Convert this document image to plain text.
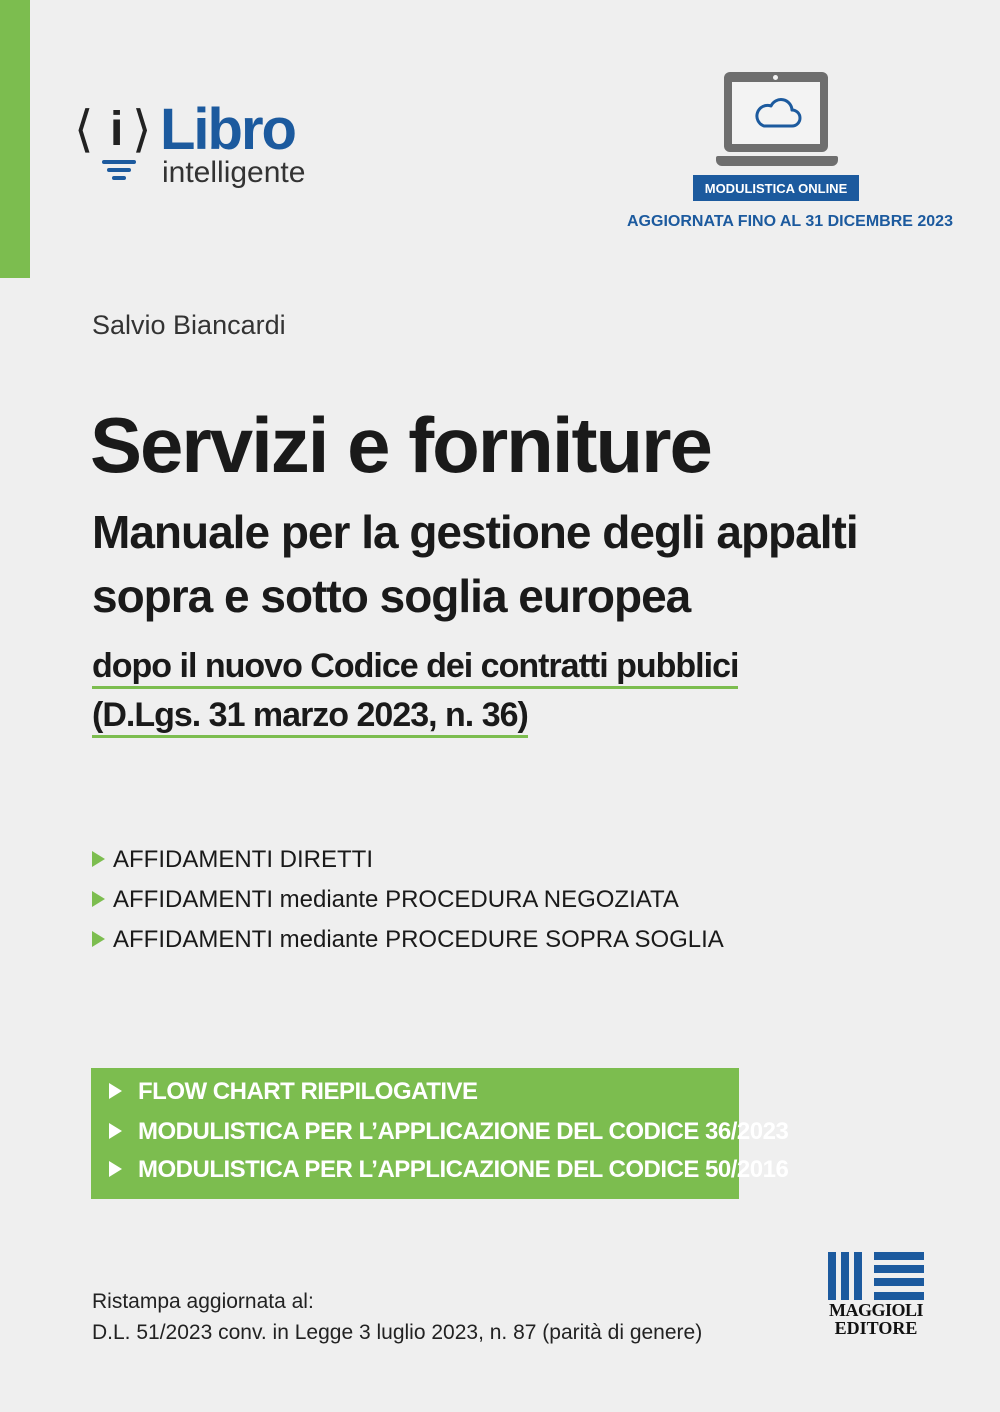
⟨ i ⟩ Libro
intelligente	MODULISTICA ONLINE
AGGIORNATA FINO AL 31 DICEMBRE 2023
Salvio Biancardi
Servizi e forniture
Manuale per la gestione degli appalti
sopra e sotto soglia europea
dopo il nuovo Codice dei contratti pubblici
(D.Lgs. 31 marzo 2023, n. 36)
AFFIDAMENTI DIRETTI
AFFIDAMENTI mediante PROCEDURA NEGOZIATA
AFFIDAMENTI mediante PROCEDURE SOPRA SOGLIA
FLOW CHART RIEPILOGATIVE
MODULISTICA PER L’APPLICAZIONE DEL CODICE 36/2023
MODULISTICA PER L’APPLICAZIONE DEL CODICE 50/2016
Ristampa aggiornata al:
D.L. 51/2023 conv. in Legge 3 luglio 2023, n. 87 (parità di genere)
MAGGIOLI
EDITORE
